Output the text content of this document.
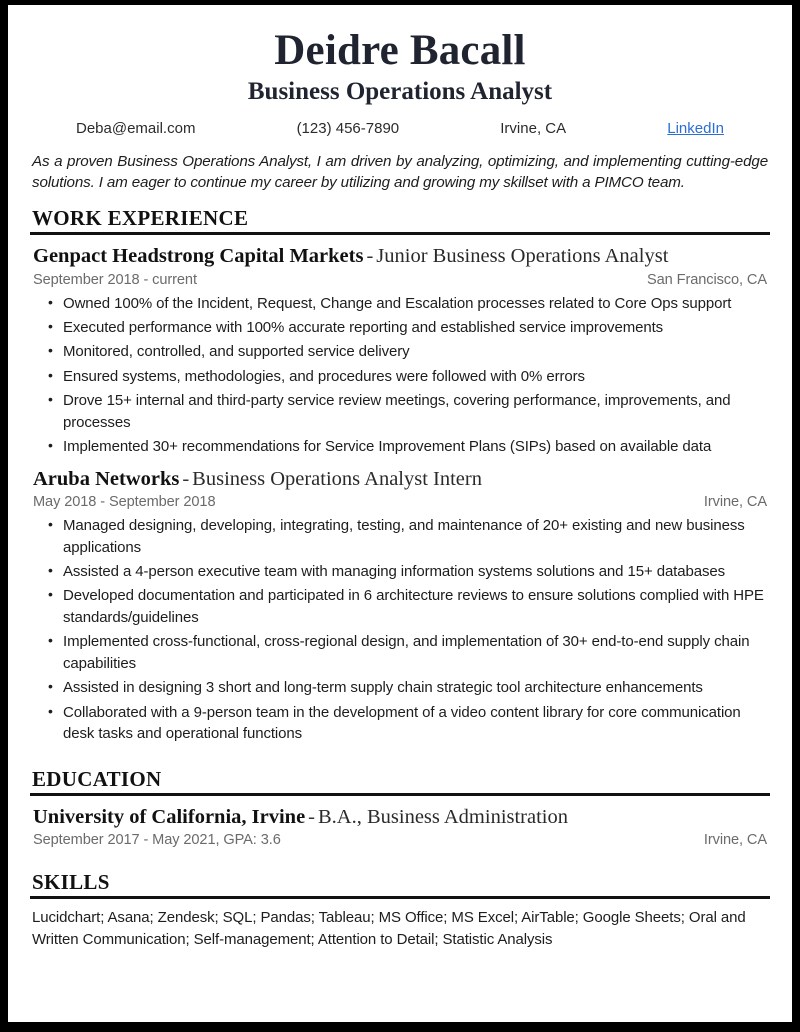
Deidre Bacall
Business Operations Analyst
Deba@email.com	(123) 456-7890	Irvine, CA	LinkedIn
As a proven Business Operations Analyst, I am driven by analyzing, optimizing, and implementing cutting-edge solutions. I am eager to continue my career by utilizing and growing my skillset with a PIMCO team.
WORK EXPERIENCE
Genpact Headstrong Capital Markets - Junior Business Operations Analyst
September 2018 - current	San Francisco, CA
• Owned 100% of the Incident, Request, Change and Escalation processes related to Core Ops support
• Executed performance with 100% accurate reporting and established service improvements
• Monitored, controlled, and supported service delivery
• Ensured systems, methodologies, and procedures were followed with 0% errors
• Drove 15+ internal and third-party service review meetings, covering performance, improvements, and processes
• Implemented 30+ recommendations for Service Improvement Plans (SIPs) based on available data
Aruba Networks - Business Operations Analyst Intern
May 2018 - September 2018	Irvine, CA
• Managed designing, developing, integrating, testing, and maintenance of 20+ existing and new business applications
• Assisted a 4-person executive team with managing information systems solutions and 15+ databases
• Developed documentation and participated in 6 architecture reviews to ensure solutions complied with HPE standards/guidelines
• Implemented cross-functional, cross-regional design, and implementation of 30+ end-to-end supply chain capabilities
• Assisted in designing 3 short and long-term supply chain strategic tool architecture enhancements
• Collaborated with a 9-person team in the development of a video content library for core communication desk tasks and operational functions
EDUCATION
University of California, Irvine - B.A., Business Administration
September 2017 - May 2021, GPA: 3.6	Irvine, CA
SKILLS
Lucidchart; Asana; Zendesk; SQL; Pandas; Tableau; MS Office; MS Excel; AirTable; Google Sheets; Oral and Written Communication; Self-management; Attention to Detail; Statistic Analysis
